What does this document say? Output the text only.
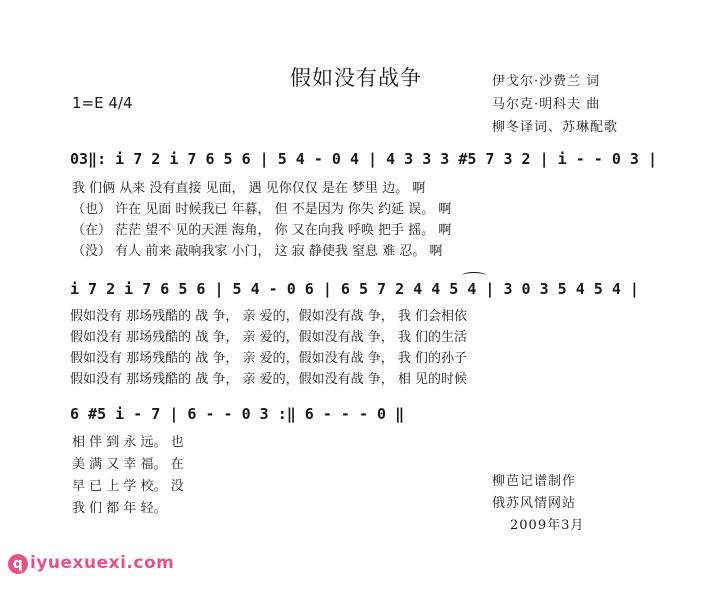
假如没有战争
1=E 4/4
伊戈尔·沙费兰 词
马尔克·明科夫 曲
柳冬译词、苏琳配歌
03‖: i 7 2 i 7 6 5 6 | 5 4 - 0 4 | 4 3 3 3 #5 7 3 2 | i - - 0 3 |
我 们俩 从来 没有直接 见面， 遇 见你仅仅 是在 梦里 边。 啊
（也） 许在 见面 时候我已 年暮， 但 不是因为 你失 约延 误。 啊
（在） 茫茫 望不 见的天涯 海角， 你 又在向我 呼唤 把手 摇。 啊
（没） 有人 前来 敲响我家 小门， 这 寂 静使我 窒息 难 忍。 啊
i 7 2 i 7 6 5 6 | 5 4 - 0 6 | 6 5 7 2 4 4 5 4 | 3 0 3 5 4 5 4 |
假如没有 那场残酷的 战 争， 亲 爱的，假如没有战 争， 我 们会相依
假如没有 那场残酷的 战 争， 亲 爱的，假如没有战 争， 我 们的生活
假如没有 那场残酷的 战 争， 亲 爱的，假如没有战 争， 我 们的孙子
假如没有 那场残酷的 战 争， 亲 爱的，假如没有战 争， 相 见的时候
6 #5 i - 7 | 6 - - 0 3 :‖ 6 - - - 0 ‖
相 伴 到 永 远。 也
美 满 又 幸 福。 在
早 已 上 学 校。 没
我 们 都 年 轻。
柳芭记谱制作
俄苏风情网站
2009年3月
q iyuexuexi.com
